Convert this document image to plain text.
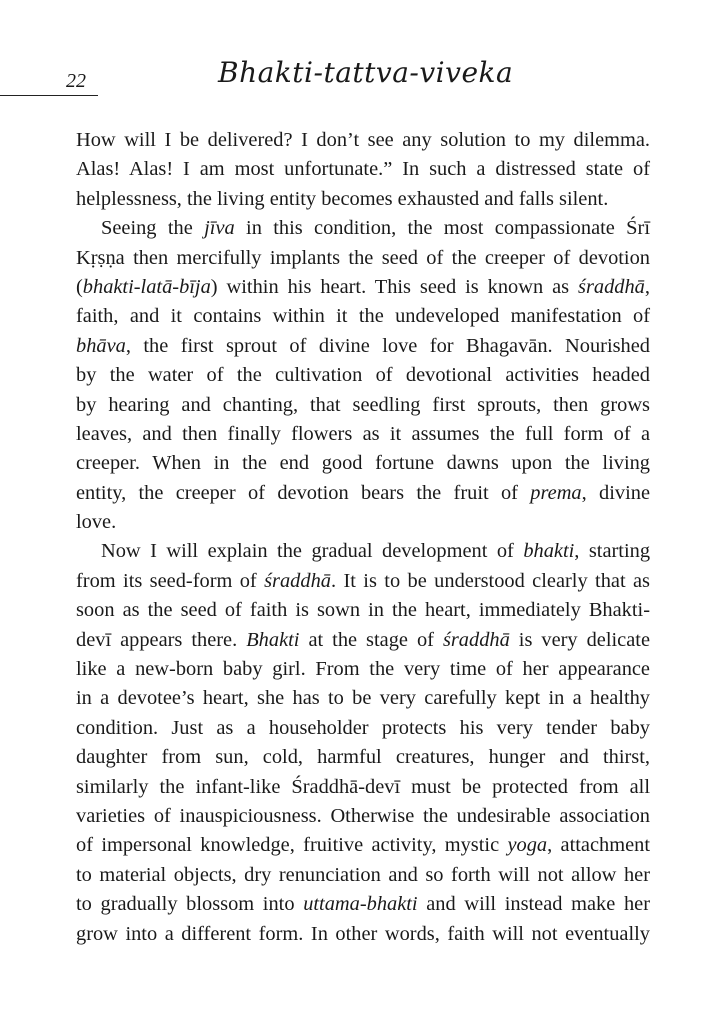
22	Bhakti-tattva-viveka
How will I be delivered? I don’t see any solution to my dilemma.
Alas! Alas! I am most unfortunate.” In such a distressed state of
helplessness, the living entity becomes exhausted and falls silent.
Seeing the jīva in this condition, the most compassionate Śrī
Kṛṣṇa then mercifully implants the seed of the creeper of devotion
(bhakti-latā-bīja) within his heart. This seed is known as śraddhā,
faith, and it contains within it the undeveloped manifestation of
bhāva, the first sprout of divine love for Bhagavān. Nourished
by the water of the cultivation of devotional activities headed
by hearing and chanting, that seedling first sprouts, then grows
leaves, and then finally flowers as it assumes the full form of a
creeper. When in the end good fortune dawns upon the living
entity, the creeper of devotion bears the fruit of prema, divine
love.
Now I will explain the gradual development of bhakti, starting
from its seed-form of śraddhā. It is to be understood clearly that as
soon as the seed of faith is sown in the heart, immediately Bhakti-
devī appears there. Bhakti at the stage of śraddhā is very delicate
like a new-born baby girl. From the very time of her appearance
in a devotee’s heart, she has to be very carefully kept in a healthy
condition. Just as a householder protects his very tender baby
daughter from sun, cold, harmful creatures, hunger and thirst,
similarly the infant-like Śraddhā-devī must be protected from all
varieties of inauspiciousness. Otherwise the undesirable association
of impersonal knowledge, fruitive activity, mystic yoga, attachment
to material objects, dry renunciation and so forth will not allow her
to gradually blossom into uttama-bhakti and will instead make her
grow into a different form. In other words, faith will not eventually
